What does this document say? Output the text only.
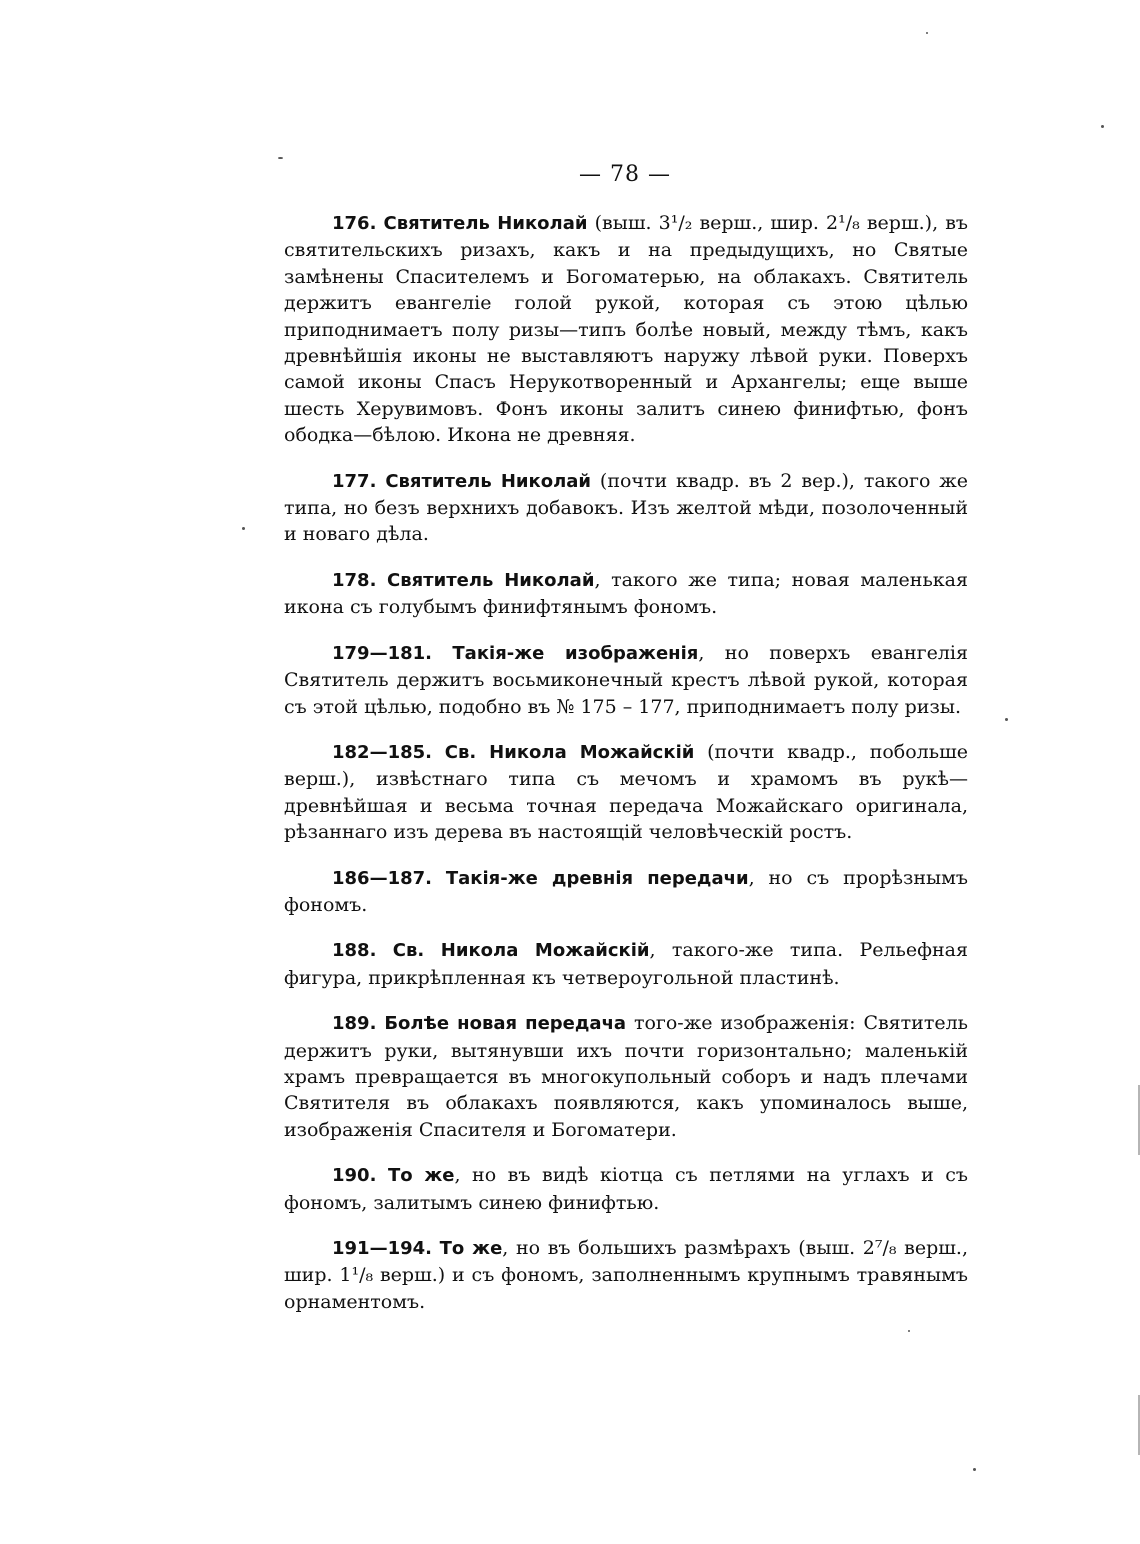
— 78 —

176. Святитель Николай (выш. 3¹/₂ верш., шир. 2¹/₈ верш.), въ святительскихъ ризахъ, какъ и на предыдущихъ, но Святые замѣнены Спасителемъ и Богоматерью, на облакахъ. Святитель держитъ евангеліе голой рукой, которая съ этою цѣлью приподнимаетъ полу ризы—типъ болѣе новый, между тѣмъ, какъ древнѣйшія иконы не выставляютъ наружу лѣвой руки. Поверхъ самой иконы Спасъ Нерукотворенный и Архангелы; еще выше шесть Херувимовъ. Фонъ иконы залитъ синею финифтью, фонъ ободка—бѣлою. Икона не древняя.

177. Святитель Николай (почти квадр. въ 2 вер.), такого же типа, но безъ верхнихъ добавокъ. Изъ желтой мѣди, позолоченный и новаго дѣла.

178. Святитель Николай, такого же типа; новая маленькая икона съ голубымъ финифтянымъ фономъ.

179—181. Такія-же изображенія, но поверхъ евангелія Святитель держитъ восьмиконечный крестъ лѣвой рукой, которая съ этой цѣлью, подобно въ № 175 – 177, приподнимаетъ полу ризы.

182—185. Св. Никола Можайскій (почти квадр., побольше верш.), извѣстнаго типа съ мечомъ и храмомъ въ рукѣ—древнѣйшая и весьма точная передача Можайскаго оригинала, рѣзаннаго изъ дерева въ настоящій человѣческій ростъ.

186—187. Такія-же древнія передачи, но съ прорѣзнымъ фономъ.

188. Св. Никола Можайскій, такого-же типа. Рельефная фигура, прикрѣпленная къ четвероугольной пластинѣ.

189. Болѣе новая передача того-же изображенія: Святитель держитъ руки, вытянувши ихъ почти горизонтально; маленькій храмъ превращается въ многокупольный соборъ и надъ плечами Святителя въ облакахъ появляются, какъ упоминалось выше, изображенія Спасителя и Богоматери.

190. То же, но въ видѣ кіотца съ петлями на углахъ и съ фономъ, залитымъ синею финифтью.

191—194. То же, но въ большихъ размѣрахъ (выш. 2⁷/₈ верш., шир. 1¹/₈ верш.) и съ фономъ, заполненнымъ крупнымъ травянымъ орнаментомъ.
